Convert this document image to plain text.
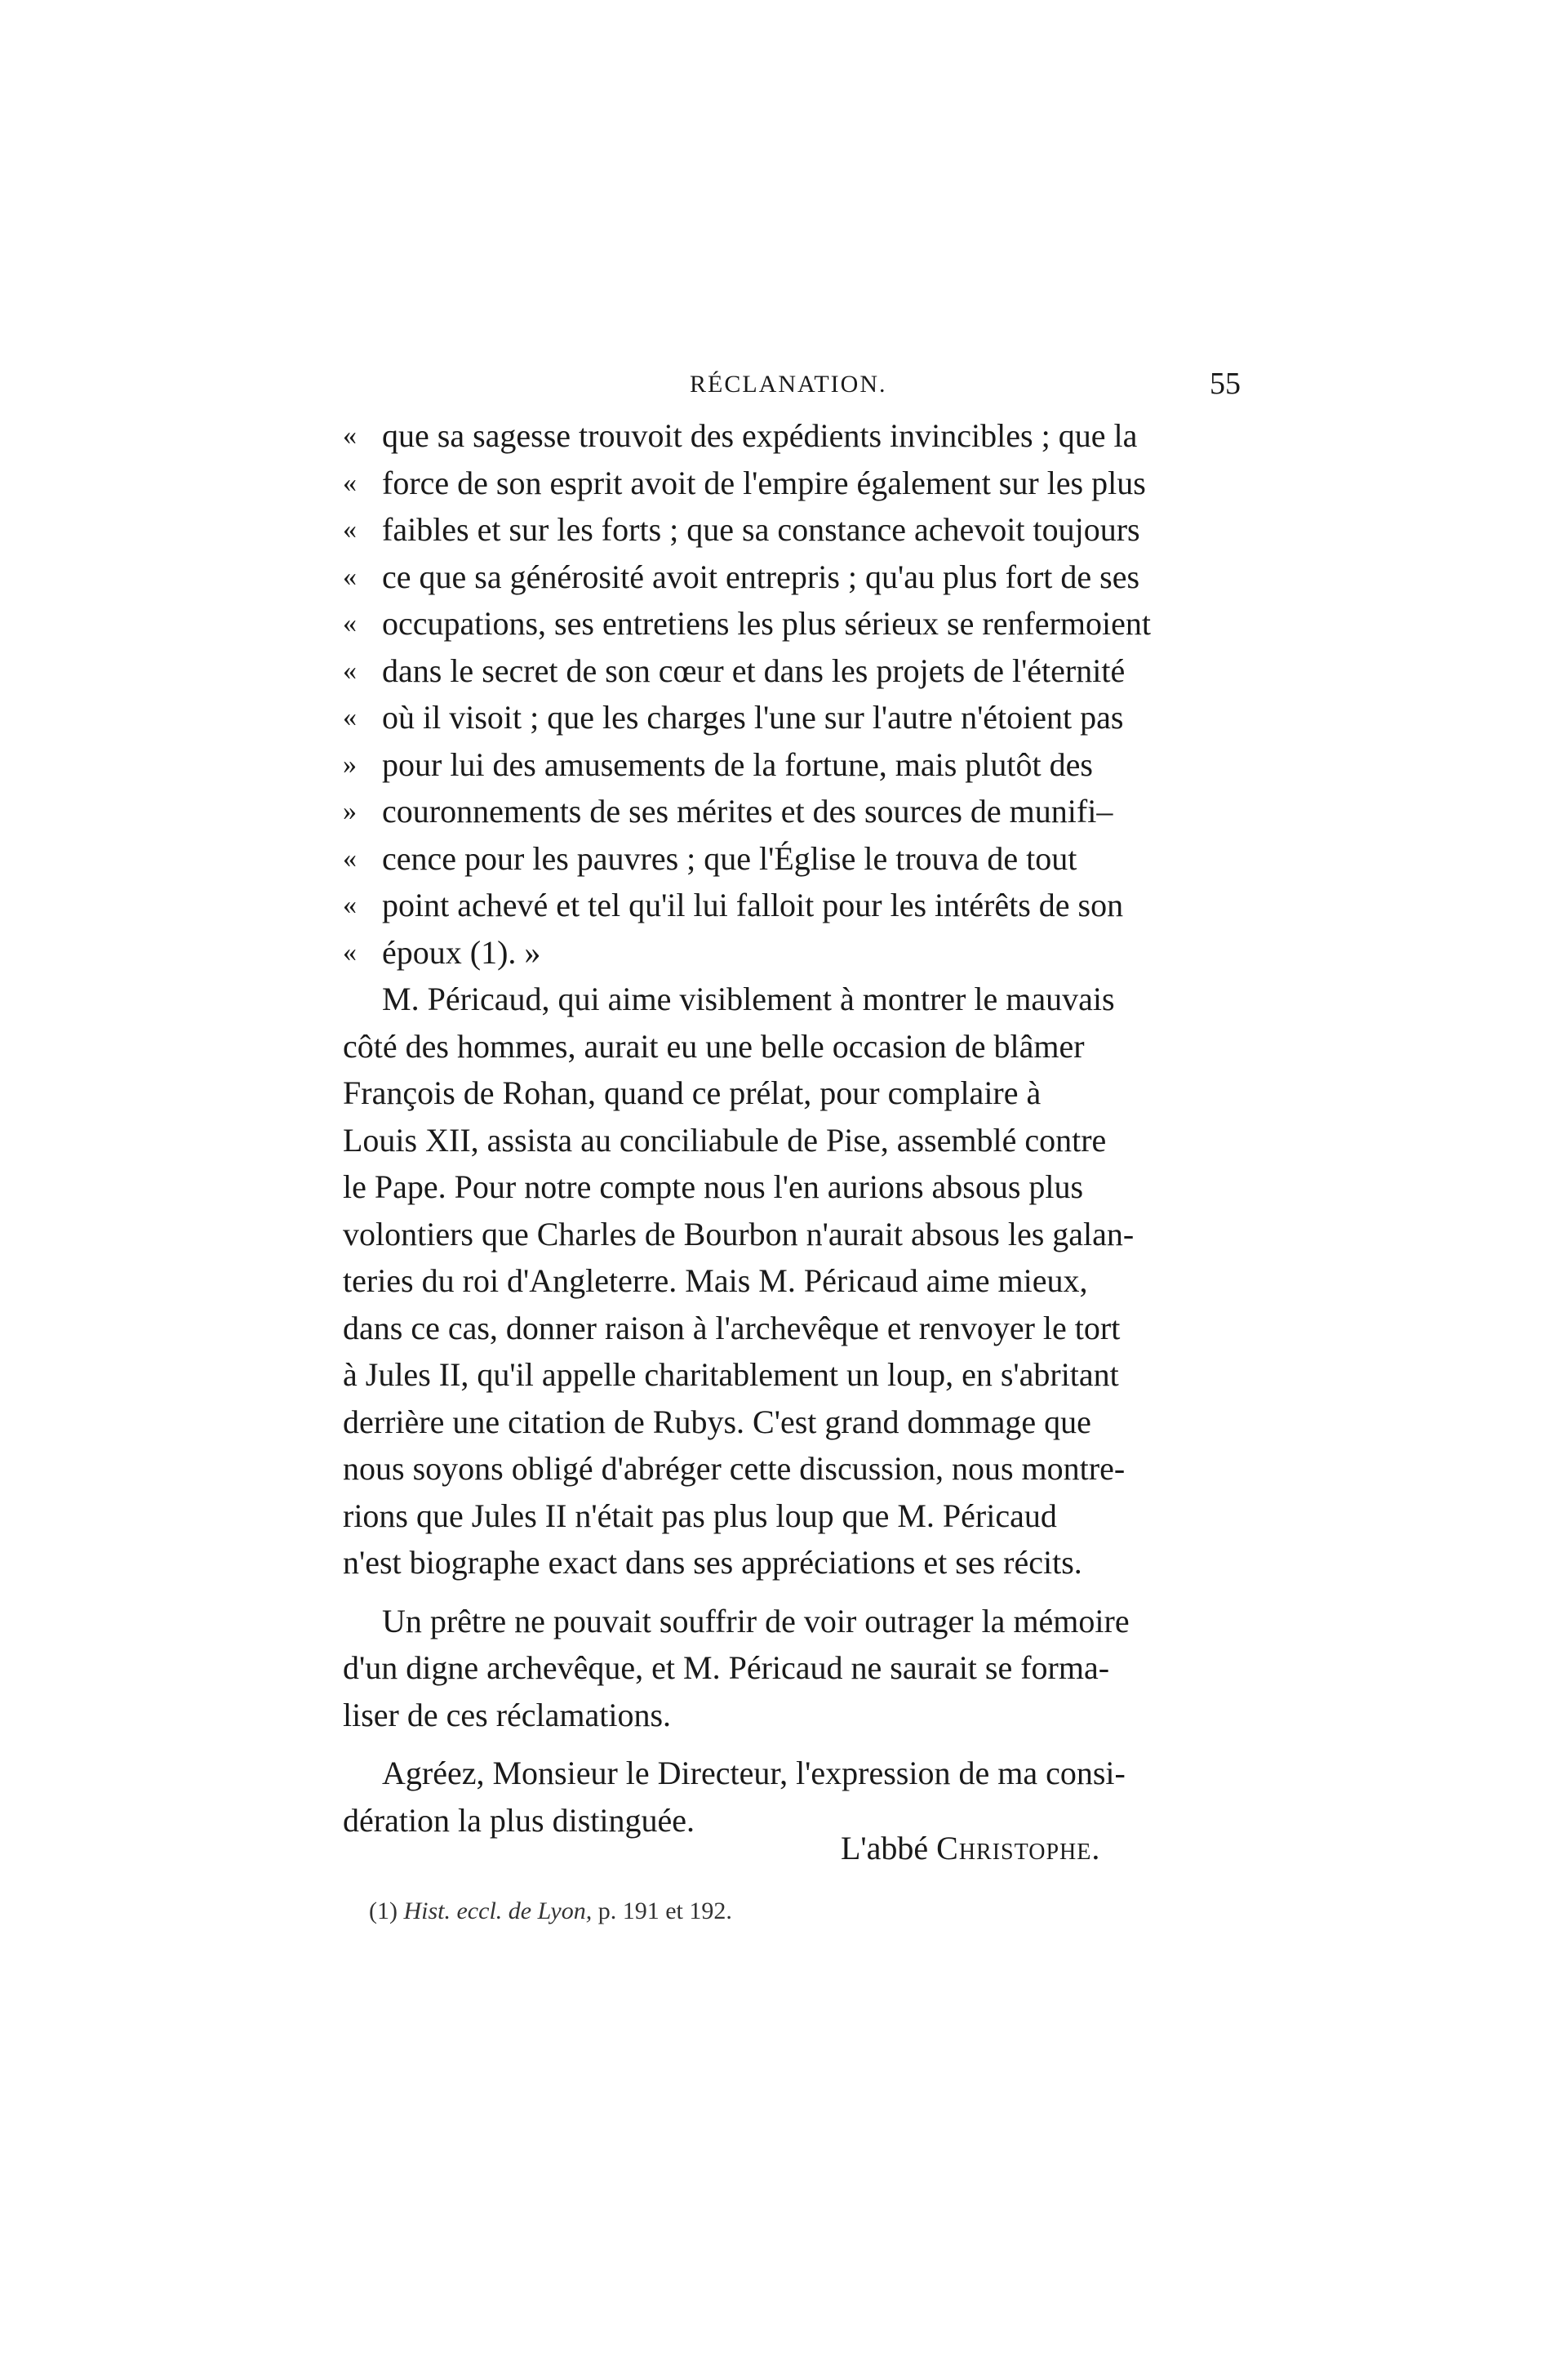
RÉCLANATION.	55
« que sa sagesse trouvoit des expédients invincibles ; que la
« force de son esprit avoit de l'empire également sur les plus
« faibles et sur les forts ; que sa constance achevoit toujours
« ce que sa générosité avoit entrepris ; qu'au plus fort de ses
« occupations, ses entretiens les plus sérieux se renfermoient
« dans le secret de son cœur et dans les projets de l'éternité
« où il visoit ; que les charges l'une sur l'autre n'étoient pas
» pour lui des amusements de la fortune, mais plutôt des
» couronnements de ses mérites et des sources de munifi–
« cence pour les pauvres ; que l'Église le trouva de tout
« point achevé et tel qu'il lui falloit pour les intérêts de son
« époux (1). »
M. Péricaud, qui aime visiblement à montrer le mauvais
côté des hommes, aurait eu une belle occasion de blâmer
François de Rohan, quand ce prélat, pour complaire à
Louis XII, assista au conciliabule de Pise, assemblé contre
le Pape. Pour notre compte nous l'en aurions absous plus
volontiers que Charles de Bourbon n'aurait absous les galan-
teries du roi d'Angleterre. Mais M. Péricaud aime mieux,
dans ce cas, donner raison à l'archevêque et renvoyer le tort
à Jules II, qu'il appelle charitablement un loup, en s'abritant
derrière une citation de Rubys. C'est grand dommage que
nous soyons obligé d'abréger cette discussion, nous montre-
rions que Jules II n'était pas plus loup que M. Péricaud
n'est biographe exact dans ses appréciations et ses récits.
Un prêtre ne pouvait souffrir de voir outrager la mémoire
d'un digne archevêque, et M. Péricaud ne saurait se forma-
liser de ces réclamations.
Agréez, Monsieur le Directeur, l'expression de ma consi-
dération la plus distinguée.
L'abbé Christophe.
(1) Hist. eccl. de Lyon, p. 191 et 192.
